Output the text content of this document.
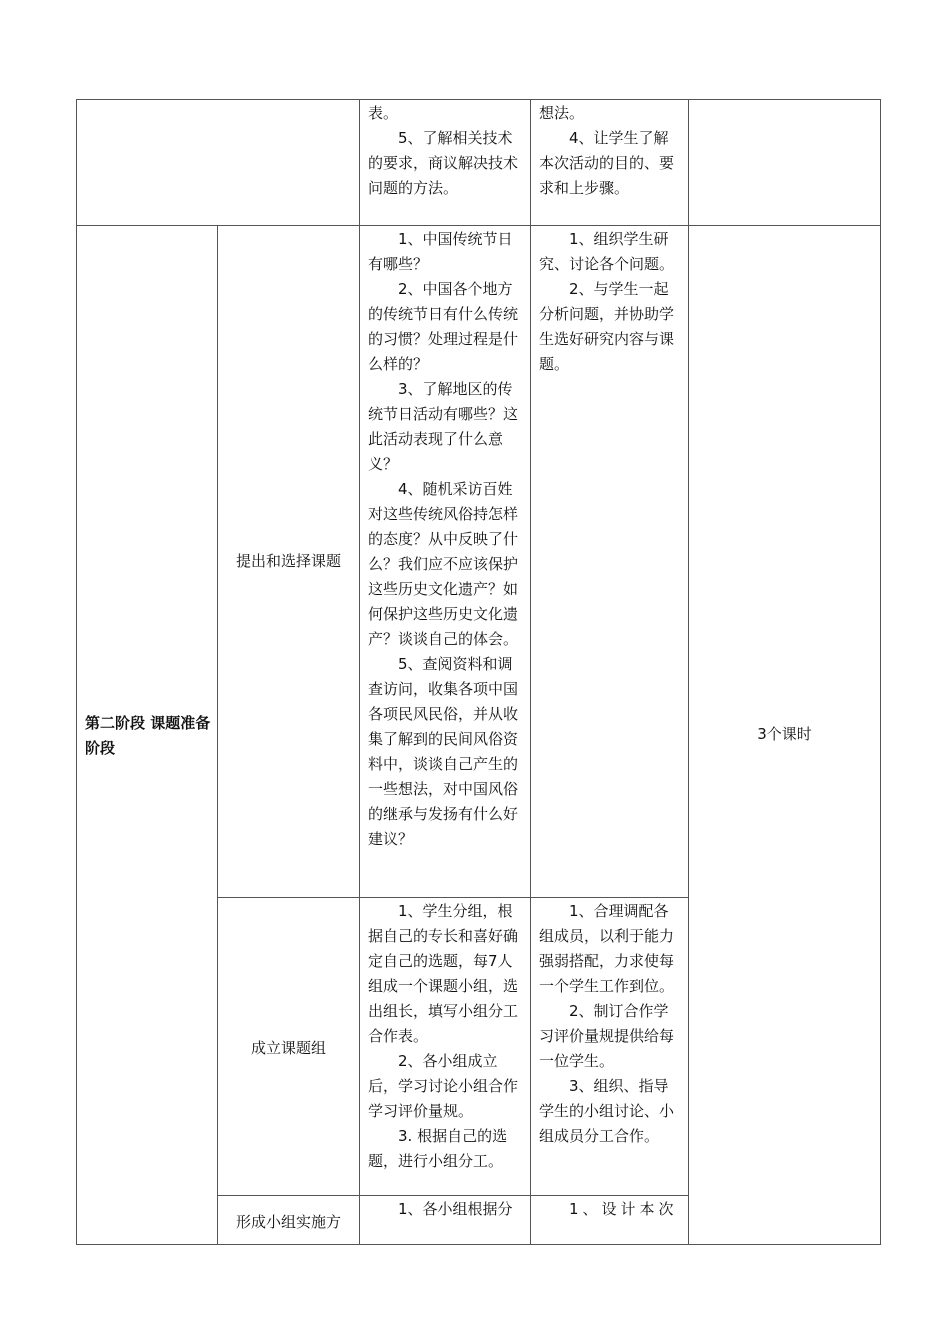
表。
5、了解相关技术的要求，商议解决技术问题的方法。
想法。
4、让学生了解本次活动的目的、要求和上步骤。
第二阶段 课题准备阶段
3个课时
提出和选择课题
1、中国传统节日有哪些？
2、中国各个地方的传统节日有什么传统的习惯？处理过程是什么样的？
3、了解地区的传统节日活动有哪些？这此活动表现了什么意义？
4、随机采访百姓对这些传统风俗持怎样的态度？从中反映了什么？我们应不应该保护这些历史文化遗产？如何保护这些历史文化遗产？谈谈自己的体会。
5、查阅资料和调查访问，收集各项中国各项民风民俗，并从收集了解到的民间风俗资料中，谈谈自己产生的一些想法，对中国风俗的继承与发扬有什么好建议？
1、组织学生研究、讨论各个问题。
2、与学生一起分析问题，并协助学生选好研究内容与课题。
成立课题组
1、学生分组，根据自己的专长和喜好确定自己的选题，每7人组成一个课题小组，选出组长，填写小组分工合作表。
2、各小组成立后，学习讨论小组合作学习评价量规。
3. 根据自己的选题，进行小组分工。
1、合理调配各组成员，以利于能力强弱搭配，力求使每一个学生工作到位。
2、制订合作学习评价量规提供给每一位学生。
3、组织、指导学生的小组讨论、小组成员分工合作。
形成小组实施方
1、各小组根据分	1、设计本次
